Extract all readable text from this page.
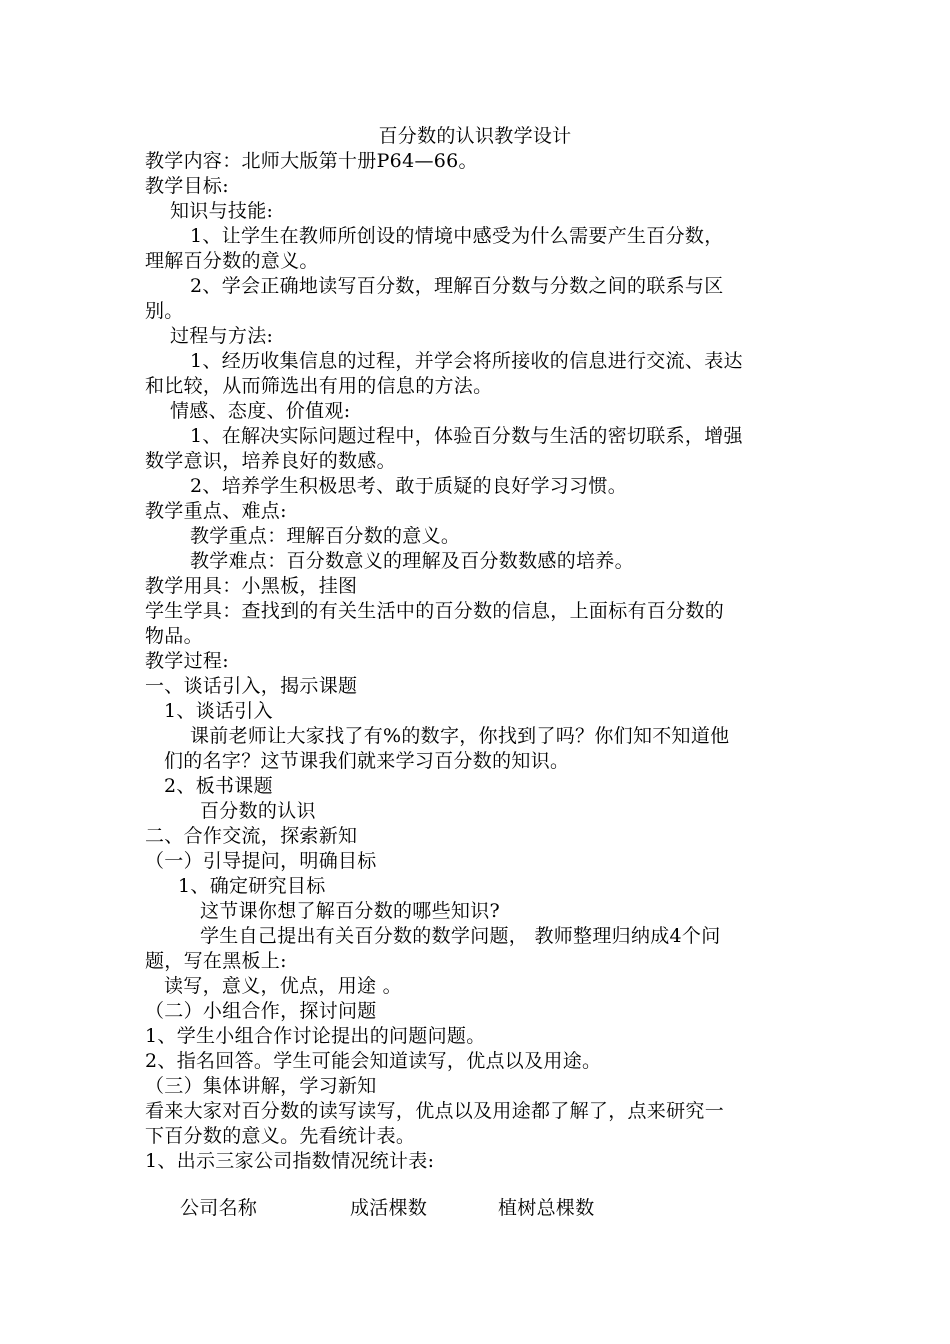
百分数的认识教学设计
教学内容：北师大版第十册P64—66。
教学目标:
知识与技能:
1、让学生在教师所创设的情境中感受为什么需要产生百分数，
理解百分数的意义。
2、学会正确地读写百分数，理解百分数与分数之间的联系与区
别。
过程与方法:
1、经历收集信息的过程，并学会将所接收的信息进行交流、表达
和比较，从而筛选出有用的信息的方法。
情感、态度、价值观:
1、在解决实际问题过程中，体验百分数与生活的密切联系，增强
数学意识，培养良好的数感。
2、培养学生积极思考、敢于质疑的良好学习习惯。
教学重点、难点:
教学重点：理解百分数的意义。
教学难点：百分数意义的理解及百分数数感的培养。
教学用具：小黑板，挂图
学生学具：查找到的有关生活中的百分数的信息，上面标有百分数的
物品。
教学过程:
一、谈话引入，揭示课题
1、谈话引入
课前老师让大家找了有%的数字，你找到了吗？你们知不知道他
们的名字？这节课我们就来学习百分数的知识。
2、板书课题
百分数的认识
二、合作交流，探索新知
（一）引导提问，明确目标
1、确定研究目标
这节课你想了解百分数的哪些知识?
学生自己提出有关百分数的数学问题， 教师整理归纳成4个问
题，写在黑板上:
读写，意义，优点，用途 。
（二）小组合作，探讨问题
1、学生小组合作讨论提出的问题问题。
2、指名回答。学生可能会知道读写，优点以及用途。
（三）集体讲解，学习新知
看来大家对百分数的读写读写，优点以及用途都了解了，点来研究一
下百分数的意义。先看统计表。
1、出示三家公司指数情况统计表:
公司名称	成活棵数	植树总棵数
